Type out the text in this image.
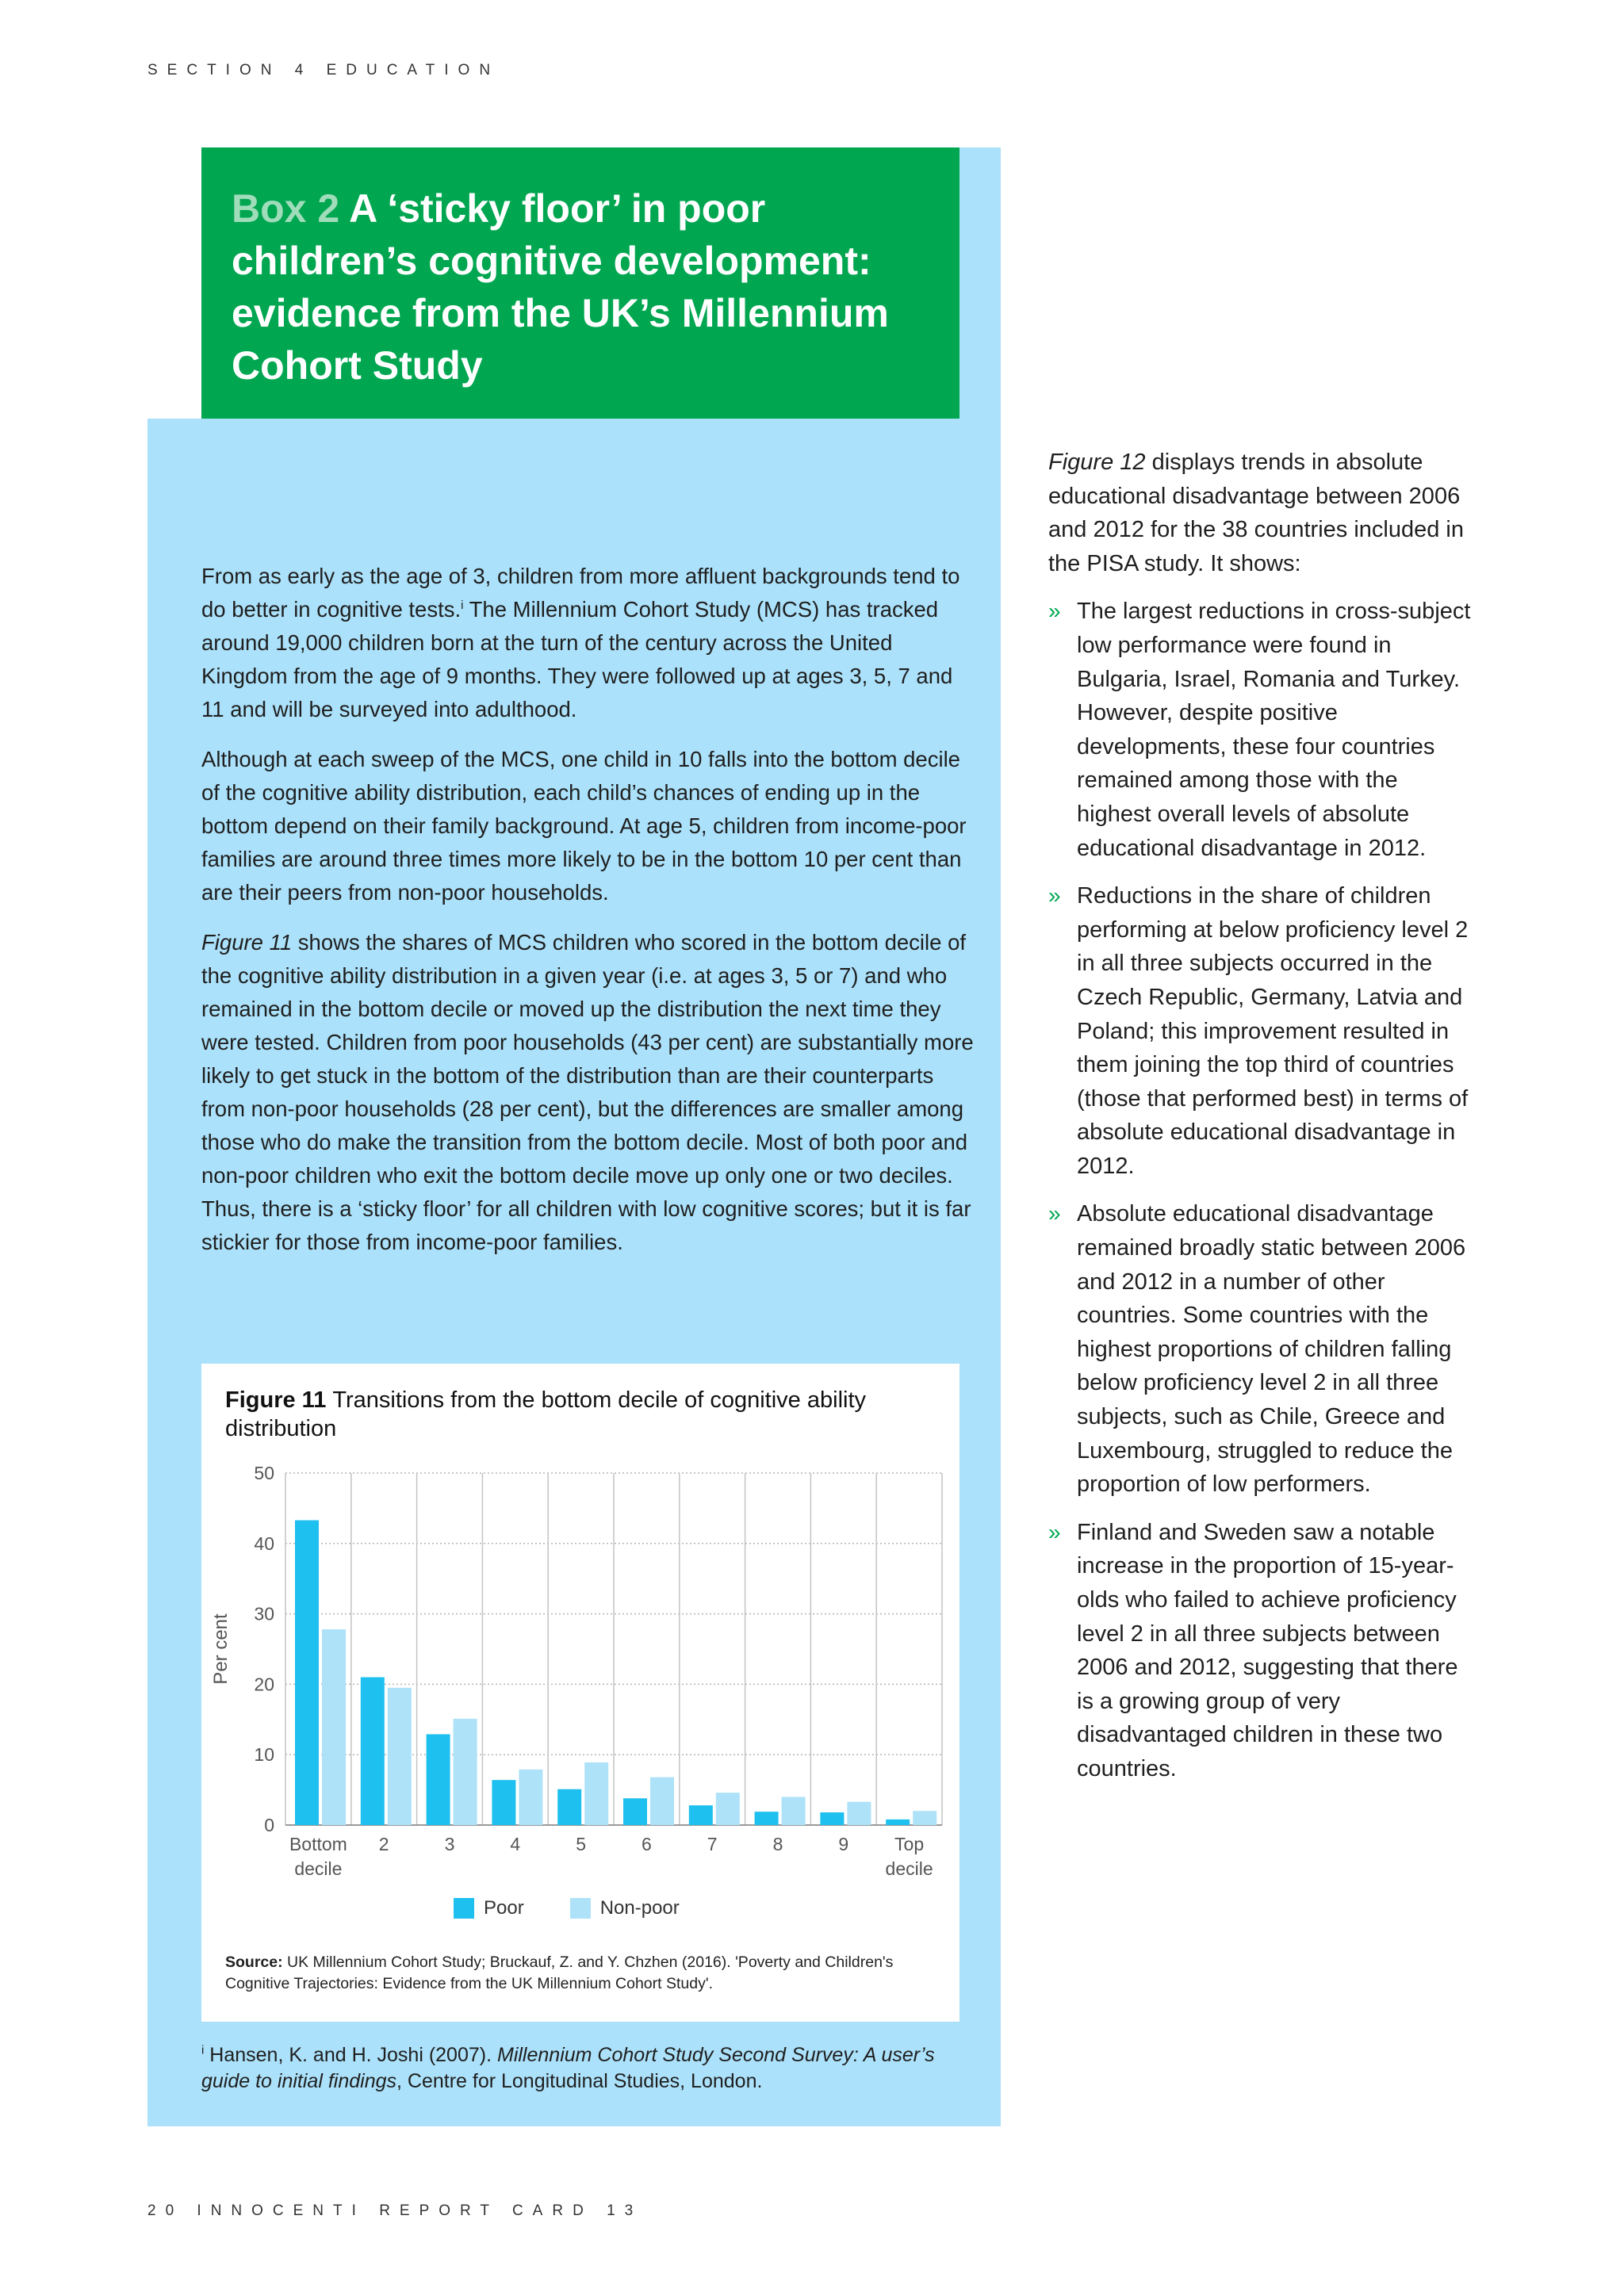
SECTION 4 EDUCATION
Box 2 A ‘sticky floor’ in poor children’s cognitive development: evidence from the UK’s Millennium Cohort Study

From as early as the age of 3, children from more affluent backgrounds tend to do better in cognitive tests.$^i$ The Millennium Cohort Study (MCS) has tracked around 19,000 children born at the turn of the century across the United Kingdom from the age of 9 months. They were followed up at ages 3, 5, 7 and 11 and will be surveyed into adulthood.

Although at each sweep of the MCS, one child in 10 falls into the bottom decile of the cognitive ability distribution, each child’s chances of ending up in the bottom depend on their family background. At age 5, children from income-poor families are around three times more likely to be in the bottom 10 per cent than are their peers from non-poor households.

Figure 11 shows the shares of MCS children who scored in the bottom decile of the cognitive ability distribution in a given year (i.e. at ages 3, 5 or 7) and who remained in the bottom decile or moved up the distribution the next time they were tested. Children from poor households (43 per cent) are substantially more likely to get stuck in the bottom of the distribution than are their counterparts from non-poor households (28 per cent), but the differences are smaller among those who do make the transition from the bottom decile. Most of both poor and non-poor children who exit the bottom decile move up only one or two deciles. Thus, there is a ‘sticky floor’ for all children with low cognitive scores; but it is far stickier for those from income-poor families.

Figure 11 Transitions from the bottom decile of cognitive ability distribution
0
10
20
30
40
50
Bottom
decile
2	3	4	5	6	7	8	9	Top
decile
Per cent
Poor	Non-poor
Source: UK Millennium Cohort Study; Bruckauf, Z. and Y. Chzhen (2016). 'Poverty and Children's Cognitive Trajectories: Evidence from the UK Millennium Cohort Study'.
$^i$ Hansen, K. and H. Joshi (2007). Millennium Cohort Study Second Survey: A user’s guide to initial findings, Centre for Longitudinal Studies, London.

Figure 12 displays trends in absolute educational disadvantage between 2006 and 2012 for the 38 countries included in the PISA study. It shows:

» The largest reductions in cross-subject low performance were found in Bulgaria, Israel, Romania and Turkey. However, despite positive developments, these four countries remained among those with the highest overall levels of absolute educational disadvantage in 2012.
» Reductions in the share of children performing at below proficiency level 2 in all three subjects occurred in the Czech Republic, Germany, Latvia and Poland; this improvement resulted in them joining the top third of countries (those that performed best) in terms of absolute educational disadvantage in 2012.
» Absolute educational disadvantage remained broadly static between 2006 and 2012 in a number of other countries. Some countries with the highest proportions of children falling below proficiency level 2 in all three subjects, such as Chile, Greece and Luxembourg, struggled to reduce the proportion of low performers.
» Finland and Sweden saw a notable increase in the proportion of 15-year-olds who failed to achieve proficiency level 2 in all three subjects between 2006 and 2012, suggesting that there is a growing group of very disadvantaged children in these two countries.
20 INNOCENTI REPORT CARD 13
